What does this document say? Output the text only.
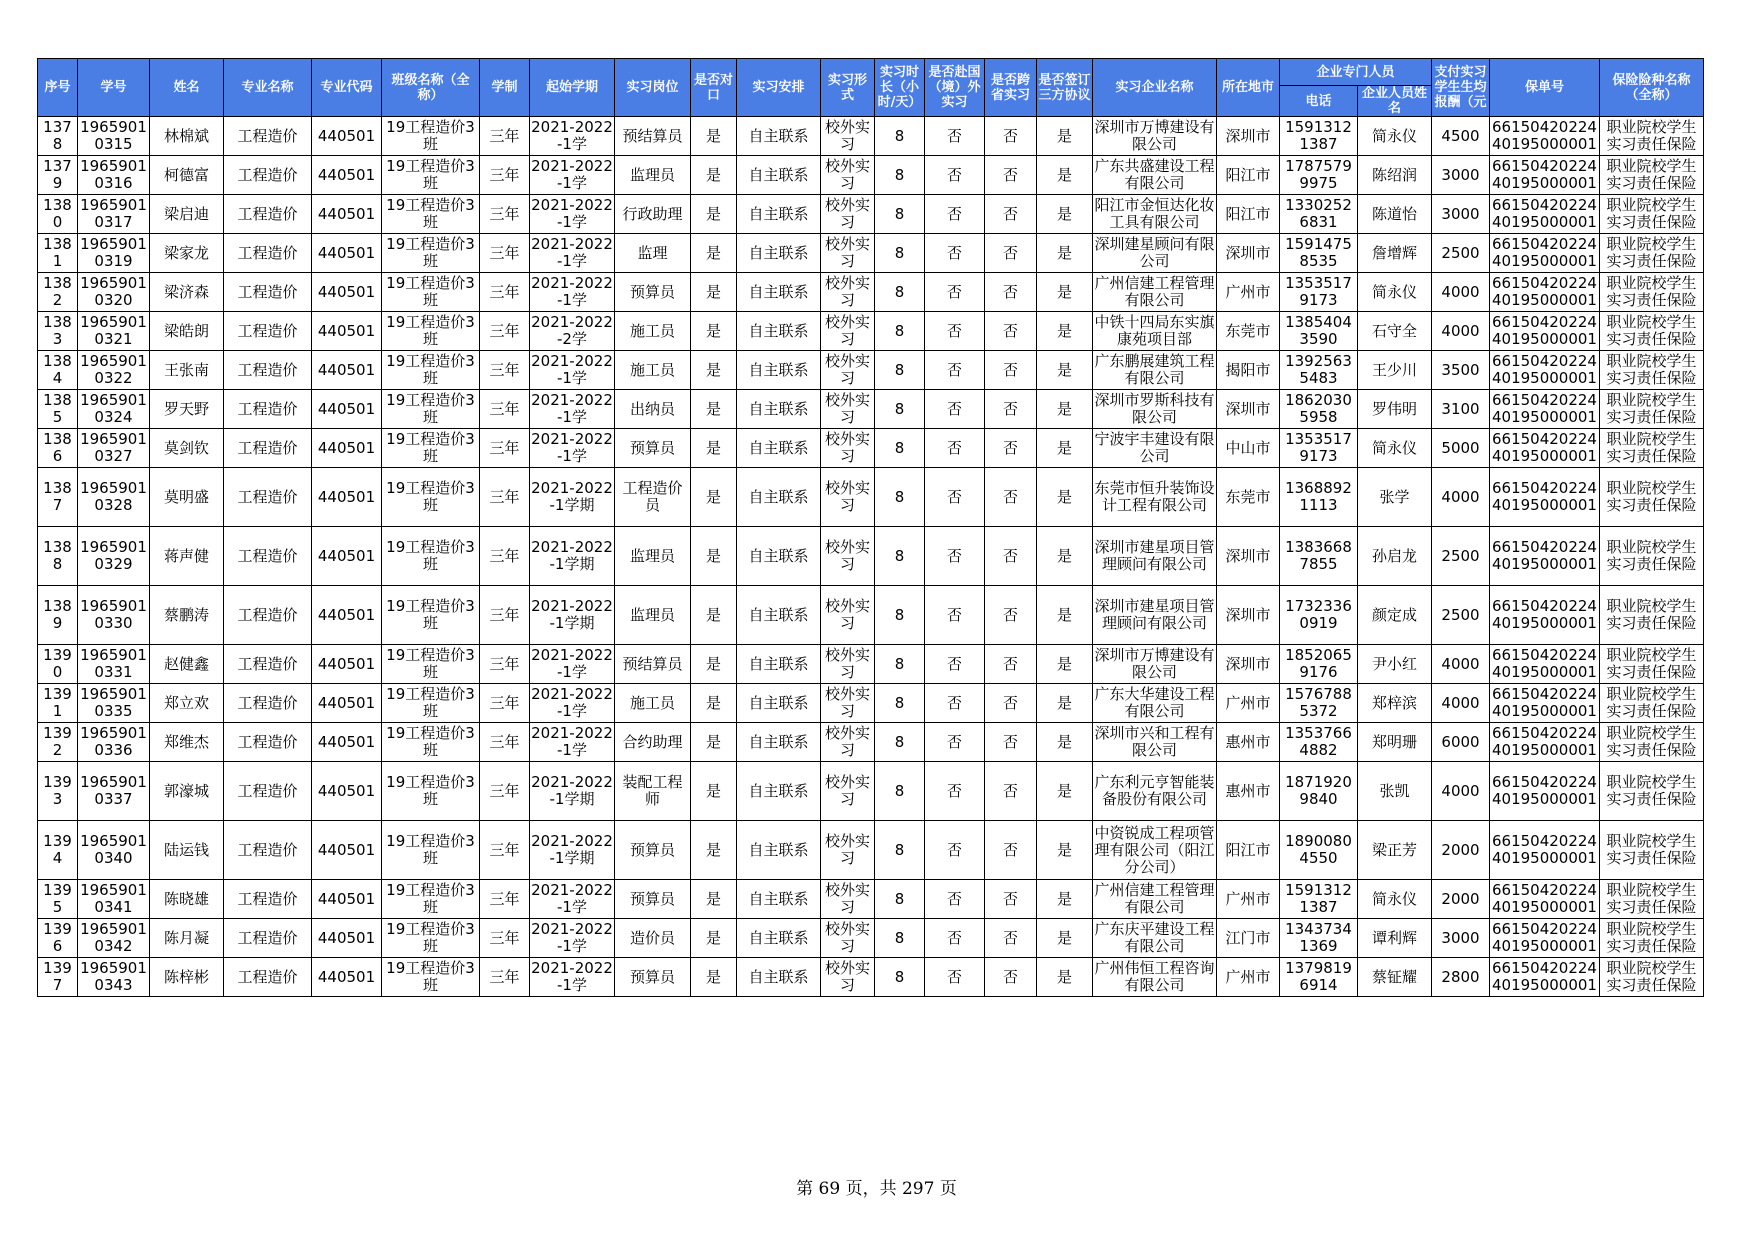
序号	学号	姓名	专业名称	专业代码	班级名称（全称）	学制	起始学期	实习岗位	是否对口	实习安排	实习形式	实习时长（小时/天）	是否赴国（境）外实习	是否跨省实习	是否签订三方协议	实习企业名称	所在地市	企业专门人员		支付实习学生生均报酬（元	保单号	保险险种名称（全称）
																		电话	企业人员姓名			
1378	19659010315	林棉斌	工程造价	440501	19工程造价3班	三年	2021-2022-1学	预结算员	是	自主联系	校外实习	8	否	否	是	深圳市万博建设有限公司	深圳市	15913121387	简永仪	4500	6615042022440195000001	职业院校学生实习责任保险
1379	19659010316	柯德富	工程造价	440501	19工程造价3班	三年	2021-2022-1学	监理员	是	自主联系	校外实习	8	否	否	是	广东共盛建设工程有限公司	阳江市	17875799975	陈绍润	3000	6615042022440195000001	职业院校学生实习责任保险
1380	19659010317	梁启迪	工程造价	440501	19工程造价3班	三年	2021-2022-1学	行政助理	是	自主联系	校外实习	8	否	否	是	阳江市金恒达化妆工具有限公司	阳江市	13302526831	陈道怡	3000	6615042022440195000001	职业院校学生实习责任保险
1381	19659010319	梁家龙	工程造价	440501	19工程造价3班	三年	2021-2022-1学	监理	是	自主联系	校外实习	8	否	否	是	深圳建星顾问有限公司	深圳市	15914758535	詹增辉	2500	6615042022440195000001	职业院校学生实习责任保险
1382	19659010320	梁济森	工程造价	440501	19工程造价3班	三年	2021-2022-1学	预算员	是	自主联系	校外实习	8	否	否	是	广州信建工程管理有限公司	广州市	13535179173	简永仪	4000	6615042022440195000001	职业院校学生实习责任保险
1383	19659010321	梁皓朗	工程造价	440501	19工程造价3班	三年	2021-2022-2学	施工员	是	自主联系	校外实习	8	否	否	是	中铁十四局东实旗康苑项目部	东莞市	13854043590	石守全	4000	6615042022440195000001	职业院校学生实习责任保险
1384	19659010322	王张南	工程造价	440501	19工程造价3班	三年	2021-2022-1学	施工员	是	自主联系	校外实习	8	否	否	是	广东鹏展建筑工程有限公司	揭阳市	13925635483	王少川	3500	6615042022440195000001	职业院校学生实习责任保险
1385	19659010324	罗天野	工程造价	440501	19工程造价3班	三年	2021-2022-1学	出纳员	是	自主联系	校外实习	8	否	否	是	深圳市罗斯科技有限公司	深圳市	18620305958	罗伟明	3100	6615042022440195000001	职业院校学生实习责任保险
1386	19659010327	莫剑钦	工程造价	440501	19工程造价3班	三年	2021-2022-1学	预算员	是	自主联系	校外实习	8	否	否	是	宁波宇丰建设有限公司	中山市	13535179173	简永仪	5000	6615042022440195000001	职业院校学生实习责任保险
1387	19659010328	莫明盛	工程造价	440501	19工程造价3班	三年	2021-2022-1学期	工程造价员	是	自主联系	校外实习	8	否	否	是	东莞市恒升装饰设计工程有限公司	东莞市	13688921113	张学	4000	6615042022440195000001	职业院校学生实习责任保险
1388	19659010329	蒋声健	工程造价	440501	19工程造价3班	三年	2021-2022-1学期	监理员	是	自主联系	校外实习	8	否	否	是	深圳市建星项目管理顾问有限公司	深圳市	13836687855	孙启龙	2500	6615042022440195000001	职业院校学生实习责任保险
1389	19659010330	蔡鹏涛	工程造价	440501	19工程造价3班	三年	2021-2022-1学期	监理员	是	自主联系	校外实习	8	否	否	是	深圳市建星项目管理顾问有限公司	深圳市	17323360919	颜定成	2500	6615042022440195000001	职业院校学生实习责任保险
1390	19659010331	赵健鑫	工程造价	440501	19工程造价3班	三年	2021-2022-1学	预结算员	是	自主联系	校外实习	8	否	否	是	深圳市万博建设有限公司	深圳市	18520659176	尹小红	4000	6615042022440195000001	职业院校学生实习责任保险
1391	19659010335	郑立欢	工程造价	440501	19工程造价3班	三年	2021-2022-1学	施工员	是	自主联系	校外实习	8	否	否	是	广东大华建设工程有限公司	广州市	15767885372	郑梓滨	4000	6615042022440195000001	职业院校学生实习责任保险
1392	19659010336	郑维杰	工程造价	440501	19工程造价3班	三年	2021-2022-1学	合约助理	是	自主联系	校外实习	8	否	否	是	深圳市兴和工程有限公司	惠州市	13537664882	郑明珊	6000	6615042022440195000001	职业院校学生实习责任保险
1393	19659010337	郭濠城	工程造价	440501	19工程造价3班	三年	2021-2022-1学期	装配工程师	是	自主联系	校外实习	8	否	否	是	广东利元亨智能装备股份有限公司	惠州市	18719209840	张凯	4000	6615042022440195000001	职业院校学生实习责任保险
1394	19659010340	陆运钱	工程造价	440501	19工程造价3班	三年	2021-2022-1学期	预算员	是	自主联系	校外实习	8	否	否	是	中资锐成工程项管理有限公司（阳江分公司）	阳江市	18900804550	梁正芳	2000	6615042022440195000001	职业院校学生实习责任保险
1395	19659010341	陈晓雄	工程造价	440501	19工程造价3班	三年	2021-2022-1学	预算员	是	自主联系	校外实习	8	否	否	是	广州信建工程管理有限公司	广州市	15913121387	简永仪	2000	6615042022440195000001	职业院校学生实习责任保险
1396	19659010342	陈月凝	工程造价	440501	19工程造价3班	三年	2021-2022-1学	造价员	是	自主联系	校外实习	8	否	否	是	广东庆平建设工程有限公司	江门市	13437341369	谭利辉	3000	6615042022440195000001	职业院校学生实习责任保险
1397	19659010343	陈梓彬	工程造价	440501	19工程造价3班	三年	2021-2022-1学	预算员	是	自主联系	校外实习	8	否	否	是	广州伟恒工程咨询有限公司	广州市	13798196914	蔡钲耀	2800	6615042022440195000001	职业院校学生实习责任保险
第 69 页，共 297 页
